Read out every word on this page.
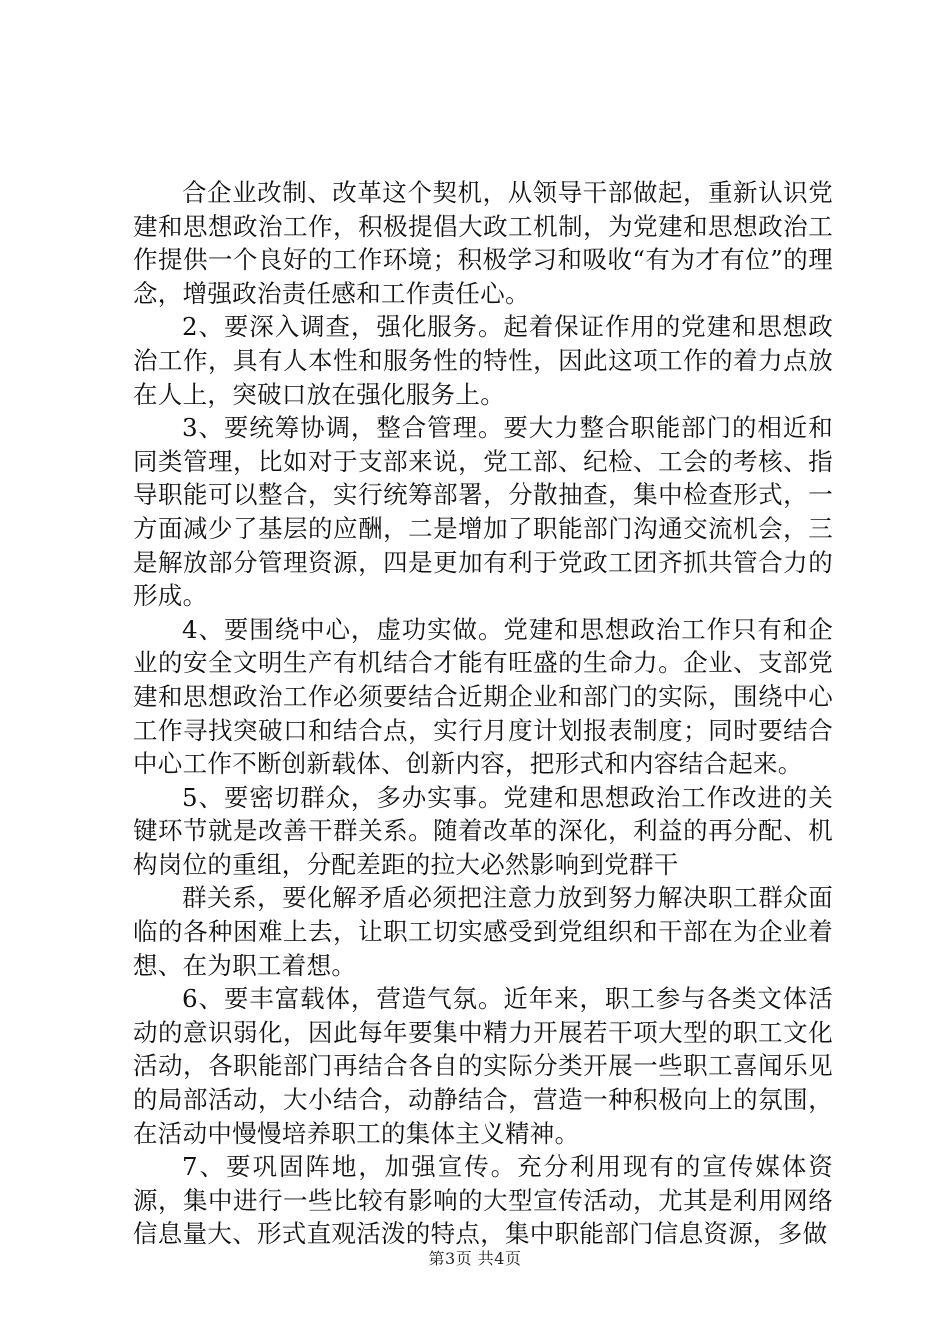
合企业改制、改革这个契机，从领导干部做起，重新认识党建和思想政治工作，积极提倡大政工机制，为党建和思想政治工作提供一个良好的工作环境；积极学习和吸收“有为才有位”的理念，增强政治责任感和工作责任心。

2、要深入调查，强化服务。起着保证作用的党建和思想政治工作，具有人本性和服务性的特性，因此这项工作的着力点放在人上，突破口放在强化服务上。

3、要统筹协调，整合管理。要大力整合职能部门的相近和同类管理，比如对于支部来说，党工部、纪检、工会的考核、指导职能可以整合，实行统筹部署，分散抽查，集中检查形式，一方面减少了基层的应酬，二是增加了职能部门沟通交流机会，三是解放部分管理资源，四是更加有利于党政工团齐抓共管合力的形成。

4、要围绕中心，虚功实做。党建和思想政治工作只有和企业的安全文明生产有机结合才能有旺盛的生命力。企业、支部党建和思想政治工作必须要结合近期企业和部门的实际，围绕中心工作寻找突破口和结合点，实行月度计划报表制度；同时要结合中心工作不断创新载体、创新内容，把形式和内容结合起来。

5、要密切群众，多办实事。党建和思想政治工作改进的关键环节就是改善干群关系。随着改革的深化，利益的再分配、机构岗位的重组，分配差距的拉大必然影响到党群干

群关系，要化解矛盾必须把注意力放到努力解决职工群众面临的各种困难上去，让职工切实感受到党组织和干部在为企业着想、在为职工着想。

6、要丰富载体，营造气氛。近年来，职工参与各类文体活动的意识弱化，因此每年要集中精力开展若干项大型的职工文化活动，各职能部门再结合各自的实际分类开展一些职工喜闻乐见的局部活动，大小结合，动静结合，营造一种积极向上的氛围，在活动中慢慢培养职工的集体主义精神。

7、要巩固阵地，加强宣传。充分利用现有的宣传媒体资源，集中进行一些比较有影响的大型宣传活动，尤其是利用网络信息量大、形式直观活泼的特点，集中职能部门信息资源，多做

第3页 共4页
